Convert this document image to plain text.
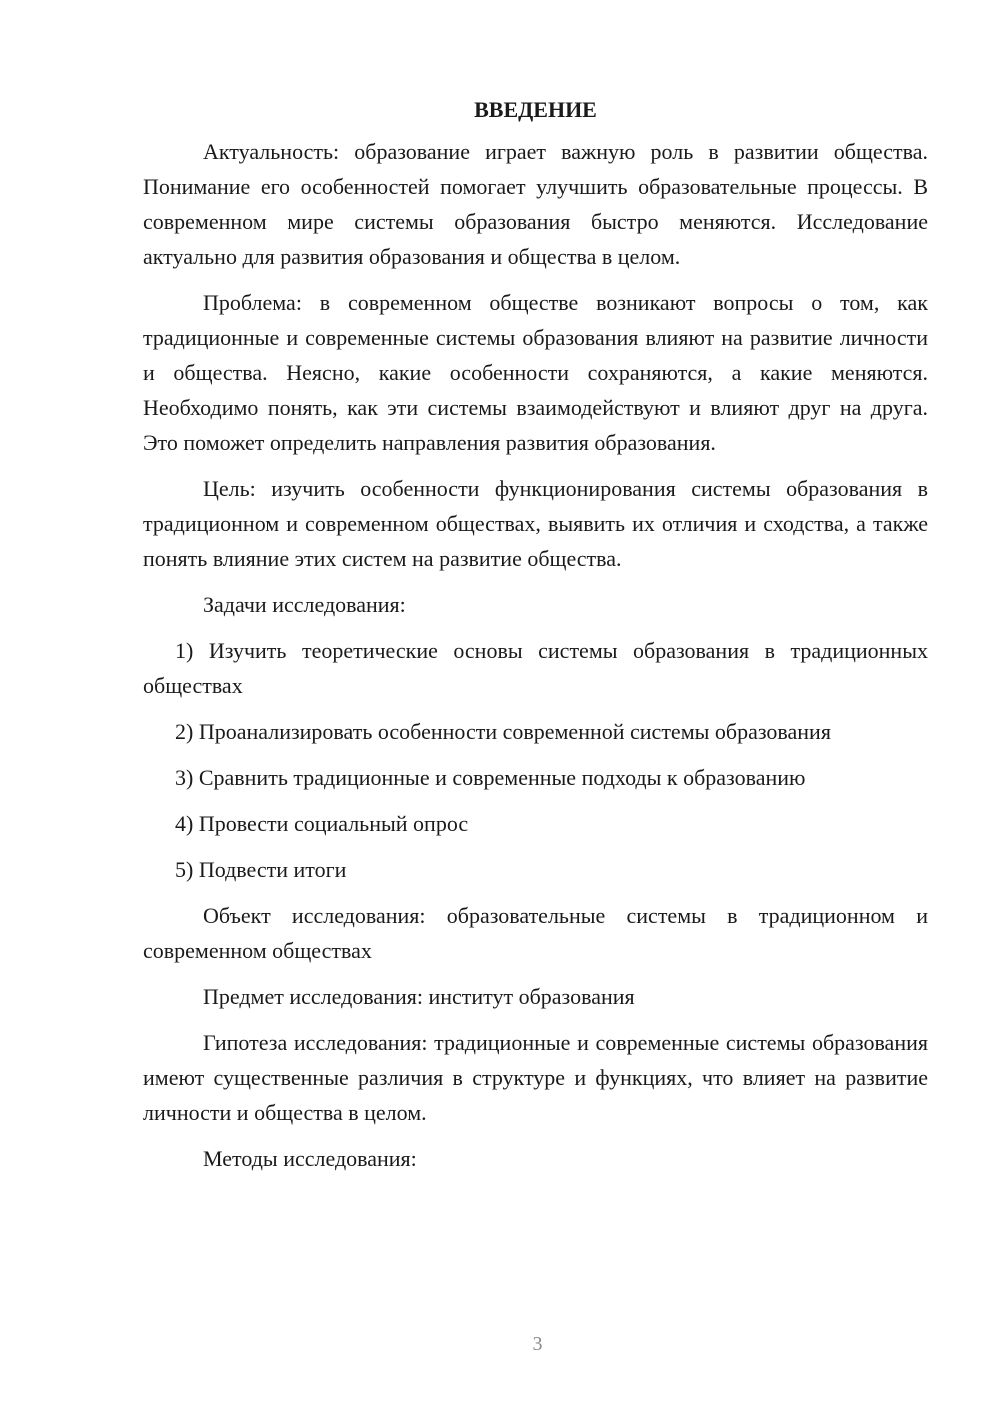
ВВЕДЕНИЕ

Актуальность: образование играет важную роль в развитии общества. Понимание его особенностей помогает улучшить образовательные процессы. В современном мире системы образования быстро меняются. Исследование актуально для развития образования и общества в целом.

Проблема: в современном обществе возникают вопросы о том, как традиционные и современные системы образования влияют на развитие личности и общества. Неясно, какие особенности сохраняются, а какие меняются. Необходимо понять, как эти системы взаимодействуют и влияют друг на друга. Это поможет определить направления развития образования.

Цель: изучить особенности функционирования системы образования в традиционном и современном обществах, выявить их отличия и сходства, а также понять влияние этих систем на развитие общества.

Задачи исследования:

1) Изучить теоретические основы системы образования в традиционных обществах

2) Проанализировать особенности современной системы образования

3) Сравнить традиционные и современные подходы к образованию

4) Провести социальный опрос

5) Подвести итоги

Объект исследования: образовательные системы в традиционном и современном обществах

Предмет исследования: институт образования

Гипотеза исследования: традиционные и современные системы образования имеют существенные различия в структуре и функциях, что влияет на развитие личности и общества в целом.

Методы исследования:

3
